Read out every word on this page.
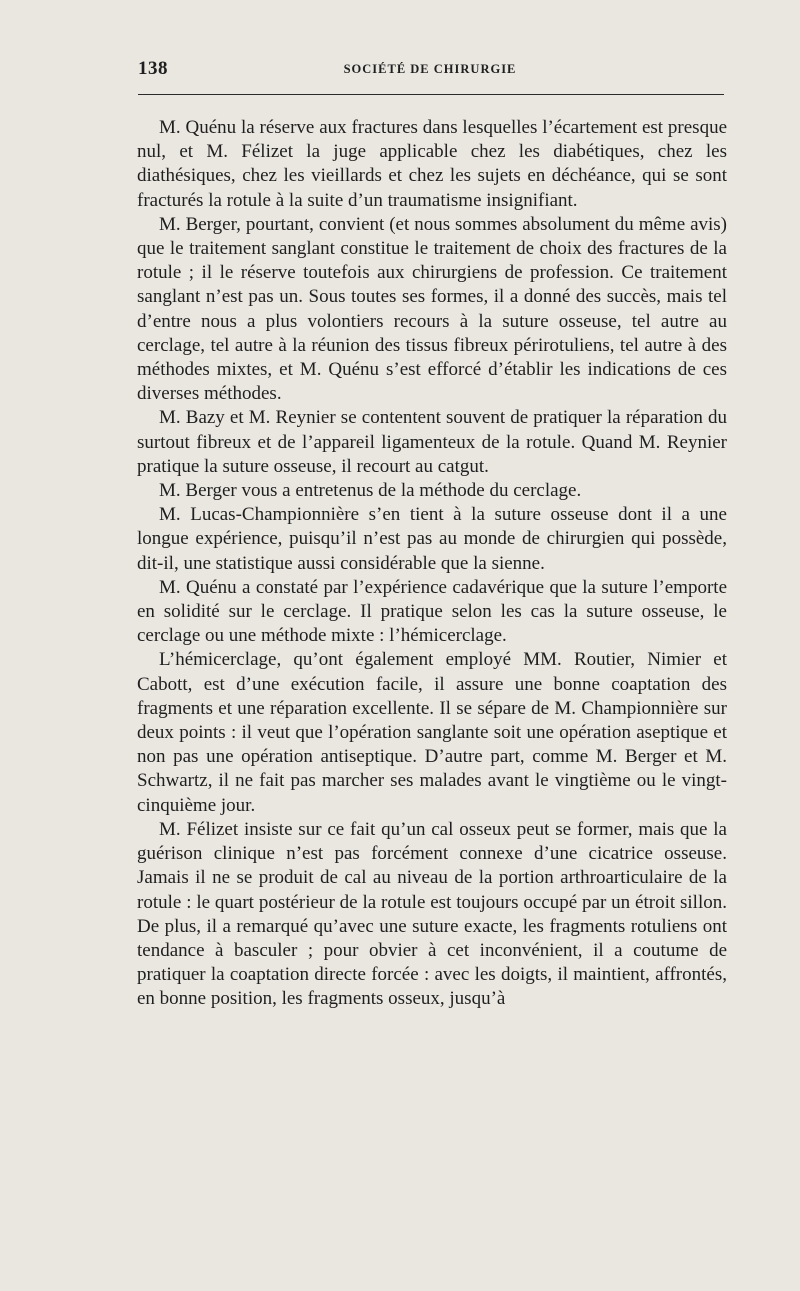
138	SOCIÉTÉ DE CHIRURGIE

M. Quénu la réserve aux fractures dans lesquelles l’écartement est presque nul, et M. Félizet la juge applicable chez les diabétiques, chez les diathésiques, chez les vieillards et chez les sujets en déchéance, qui se sont fracturés la rotule à la suite d’un traumatisme insignifiant.

M. Berger, pourtant, convient (et nous sommes absolument du même avis) que le traitement sanglant constitue le traitement de choix des fractures de la rotule ; il le réserve toutefois aux chirurgiens de profession. Ce traitement sanglant n’est pas un. Sous toutes ses formes, il a donné des succès, mais tel d’entre nous a plus volontiers recours à la suture osseuse, tel autre au cerclage, tel autre à la réunion des tissus fibreux périrotuliens, tel autre à des méthodes mixtes, et M. Quénu s’est efforcé d’établir les indications de ces diverses méthodes.

M. Bazy et M. Reynier se contentent souvent de pratiquer la réparation du surtout fibreux et de l’appareil ligamenteux de la rotule. Quand M. Reynier pratique la suture osseuse, il recourt au catgut.

M. Berger vous a entretenus de la méthode du cerclage.

M. Lucas-Championnière s’en tient à la suture osseuse dont il a une longue expérience, puisqu’il n’est pas au monde de chirurgien qui possède, dit-il, une statistique aussi considérable que la sienne.

M. Quénu a constaté par l’expérience cadavérique que la suture l’emporte en solidité sur le cerclage. Il pratique selon les cas la suture osseuse, le cerclage ou une méthode mixte : l’hémicerclage.

L’hémicerclage, qu’ont également employé MM. Routier, Nimier et Cabott, est d’une exécution facile, il assure une bonne coaptation des fragments et une réparation excellente. Il se sépare de M. Championnière sur deux points : il veut que l’opération sanglante soit une opération aseptique et non pas une opération antiseptique. D’autre part, comme M. Berger et M. Schwartz, il ne fait pas marcher ses malades avant le vingtième ou le vingt-cinquième jour.

M. Félizet insiste sur ce fait qu’un cal osseux peut se former, mais que la guérison clinique n’est pas forcément connexe d’une cicatrice osseuse. Jamais il ne se produit de cal au niveau de la portion arthroarticulaire de la rotule : le quart postérieur de la rotule est toujours occupé par un étroit sillon. De plus, il a remarqué qu’avec une suture exacte, les fragments rotuliens ont tendance à basculer ; pour obvier à cet inconvénient, il a coutume de pratiquer la coaptation directe forcée : avec les doigts, il maintient, affrontés, en bonne position, les fragments osseux, jusqu’à
